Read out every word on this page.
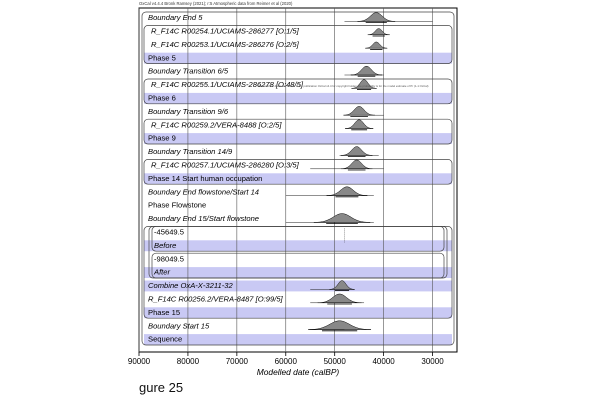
OxCal v4.4.4 Bronk Ramsey (2021); r:5 Atmospheric data from Reimer et al (2020)
Boundary End 5
R_F14C R00254.1/UCIAMS-286277 [O:1/5]
R_F14C R00253.1/UCIAMS-286276 [O:2/5]
Phase 5
Boundary Transition 6/5
R_F14C R00255.1/UCIAMS-286278 [O:48/5]
Phase 6
Boundary Transition 9/6
R_F14C R00259.2/VERA-8488 [O:2/5]
Phase 9
Boundary Transition 14/9
R_F14C R00257.1/UCIAMS-286280 [O:3/5]
Phase 14 Start human occupation
Boundary End flowstone/Start 14
Phase Flowstone
Boundary End 15/Start flowstone
-45649.5
Before
-98049.5
After
Combine OxA-X-3211-32
R_F14C R00256.2/VERA-8487 [O:99/5]
Phase 15
Boundary Start 15
Sequence
Radiocarbon dates are shown in the publication OxCal v4.4 for copyright holder: the probability is for the model estimate of Pr (1-1 OxCal)
90000	80000	70000	60000	50000	40000	30000
Modelled date (calBP)
gure 25
